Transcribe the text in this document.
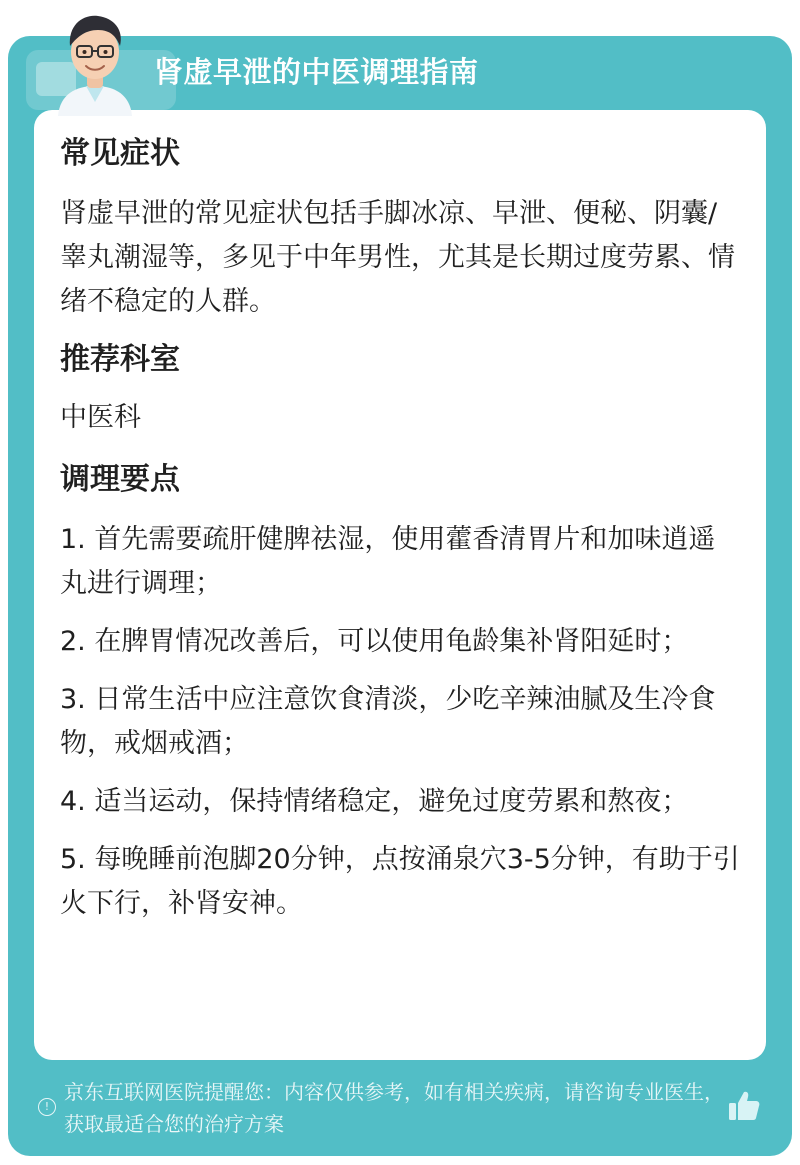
肾虚早泄的中医调理指南
常见症状
肾虚早泄的常见症状包括手脚冰凉、早泄、便秘、阴囊/睾丸潮湿等，多见于中年男性，尤其是长期过度劳累、情绪不稳定的人群。
推荐科室
中医科
调理要点
1. 首先需要疏肝健脾祛湿，使用藿香清胃片和加味逍遥丸进行调理；
2. 在脾胃情况改善后，可以使用龟龄集补肾阳延时；
3. 日常生活中应注意饮食清淡，少吃辛辣油腻及生冷食物，戒烟戒酒；
4. 适当运动，保持情绪稳定，避免过度劳累和熬夜；
5. 每晚睡前泡脚20分钟，点按涌泉穴3-5分钟，有助于引火下行，补肾安神。
!
京东互联网医院提醒您：内容仅供参考，如有相关疾病，请咨询专业医生，获取最适合您的治疗方案
